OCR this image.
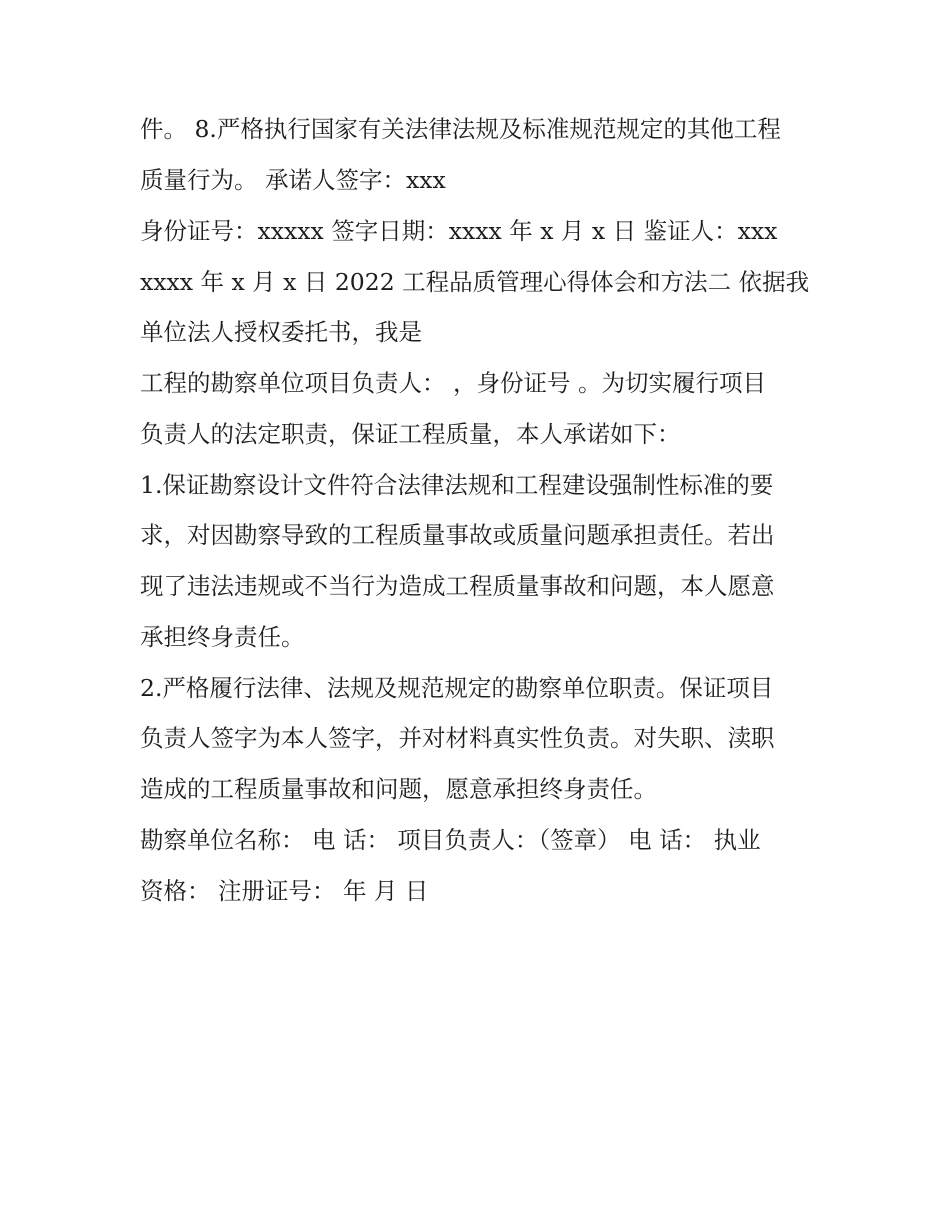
件。 8.严格执行国家有关法律法规及标准规范规定的其他工程
质量行为。 承诺人签字：xxx
身份证号：xxxxx 签字日期：xxxx 年 x 月 x 日 鉴证人：xxx
xxxx 年 x 月 x 日 2022 工程品质管理心得体会和方法二 依据我
单位法人授权委托书，我是
工程的勘察单位项目负责人： ，身份证号 。为切实履行项目
负责人的法定职责，保证工程质量，本人承诺如下：
1.保证勘察设计文件符合法律法规和工程建设强制性标准的要
求，对因勘察导致的工程质量事故或质量问题承担责任。若出
现了违法违规或不当行为造成工程质量事故和问题，本人愿意
承担终身责任。
2.严格履行法律、法规及规范规定的勘察单位职责。保证项目
负责人签字为本人签字，并对材料真实性负责。对失职、渎职
造成的工程质量事故和问题，愿意承担终身责任。
勘察单位名称： 电 话： 项目负责人：（签章） 电 话： 执业
资格： 注册证号： 年 月 日
